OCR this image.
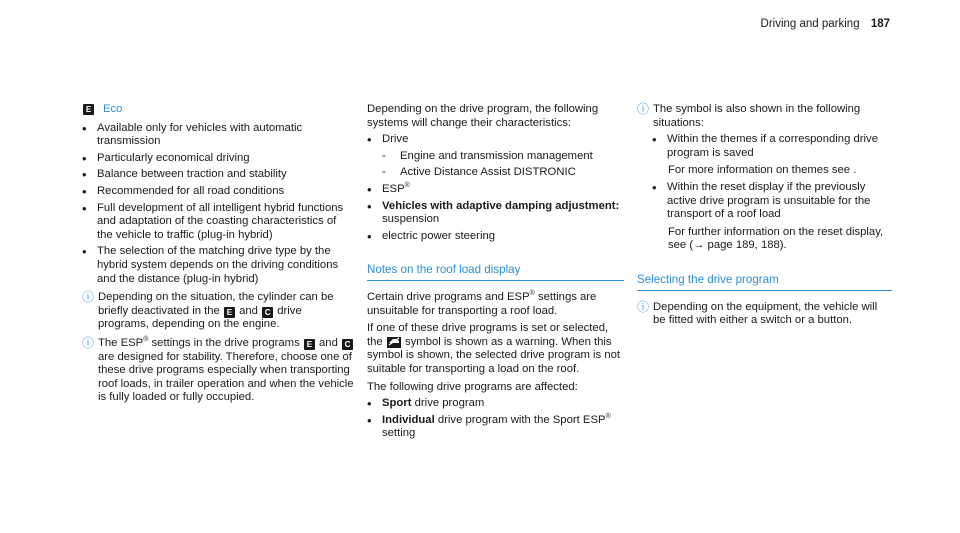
Driving and parking 187
E Eco
• Available only for vehicles with automatic transmission
• Particularly economical driving
• Balance between traction and stability
• Recommended for all road conditions
• Full development of all intelligent hybrid functions and adaptation of the coasting characteristics of the vehicle to traffic (plug-in hybrid)
• The selection of the matching drive type by the hybrid system depends on the driving conditions and the distance (plug-in hybrid)
ⓘ Depending on the situation, the cylinder can be briefly deactivated in the E and C drive programs, depending on the engine.
ⓘ The ESP® settings in the drive programs E and C are designed for stability. Therefore, choose one of these drive programs especially when transporting roof loads, in trailer operation and when the vehicle is fully loaded or fully occupied.
Depending on the drive program, the following systems will change their characteristics:
• Drive
-	Engine and transmission management
-	Active Distance Assist DISTRONIC
• ESP®
• Vehicles with adaptive damping adjustment:
suspension
• electric power steering
Notes on the roof load display
Certain drive programs and ESP® settings are unsuitable for transporting a roof load.
If one of these drive programs is set or selected, the symbol is shown as a warning. When this symbol is shown, the selected drive program is not suitable for transporting a load on the roof.
The following drive programs are affected:
• Sport drive program
• Individual drive program with the Sport ESP®
setting
ⓘ The symbol is also shown in the following situations:
• Within the themes if a corresponding drive program is saved
For more information on themes see .
• Within the reset display if the previously active drive program is unsuitable for the transport of a roof load
For further information on the reset display, see (→ page 189, 188).
Selecting the drive program
ⓘ Depending on the equipment, the vehicle will be fitted with either a switch or a button.
